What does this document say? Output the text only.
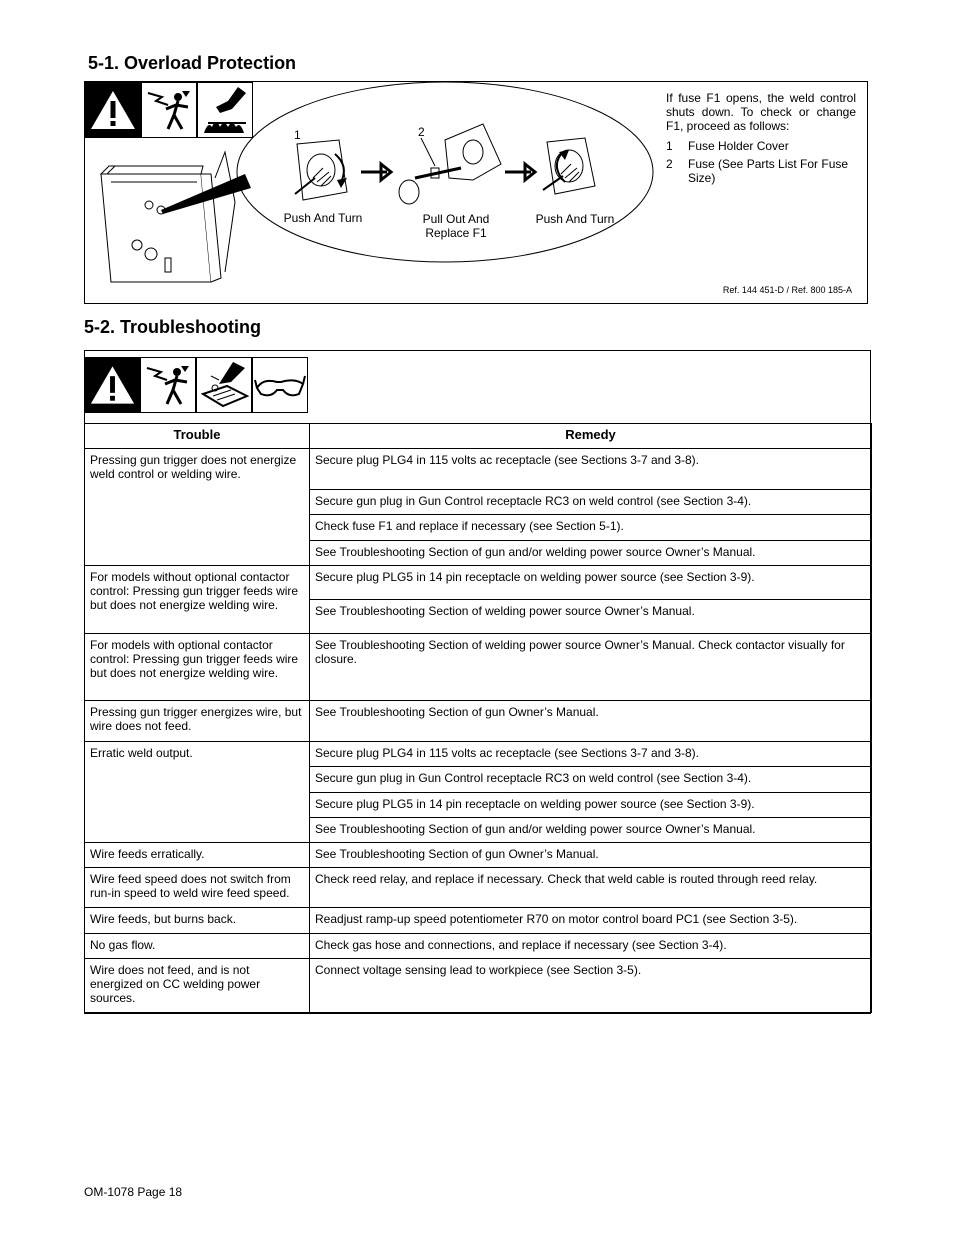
5-1. Overload Protection
1	2
Push And Turn	Pull Out And Replace F1
Push And Turn
If fuse F1 opens, the weld control shuts down. To check or change F1, proceed as follows:
1	Fuse Holder Cover
2	Fuse (See Parts List For Fuse Size)
Ref. 144 451-D / Ref. 800 185-A
5-2. Troubleshooting
Trouble	Remedy
Pressing gun trigger does not energize weld control or welding wire.	Secure plug PLG4 in 115 volts ac receptacle (see Sections 3-7 and 3-8).
	Secure gun plug in Gun Control receptacle RC3 on weld control (see Section 3-4).
	Check fuse F1 and replace if necessary (see Section 5-1).
	See Troubleshooting Section of gun and/or welding power source Owner’s Manual.
For models without optional contactor control: Pressing gun trigger feeds wire but does not energize welding wire.	Secure plug PLG5 in 14 pin receptacle on welding power source (see Section 3-9).
	See Troubleshooting Section of welding power source Owner’s Manual.
For models with optional contactor control: Pressing gun trigger feeds wire but does not energize welding wire.	See Troubleshooting Section of welding power source Owner’s Manual. Check contactor visually for closure.
Pressing gun trigger energizes wire, but wire does not feed.	See Troubleshooting Section of gun Owner’s Manual.
Erratic weld output.	Secure plug PLG4 in 115 volts ac receptacle (see Sections 3-7 and 3-8).
	Secure gun plug in Gun Control receptacle RC3 on weld control (see Section 3-4).
	Secure plug PLG5 in 14 pin receptacle on welding power source (see Section 3-9).
	See Troubleshooting Section of gun and/or welding power source Owner’s Manual.
Wire feeds erratically.	See Troubleshooting Section of gun Owner’s Manual.
Wire feed speed does not switch from run-in speed to weld wire feed speed.	Check reed relay, and replace if necessary. Check that weld cable is routed through reed relay.
Wire feeds, but burns back.	Readjust ramp-up speed potentiometer R70 on motor control board PC1 (see Section 3-5).
No gas flow.	Check gas hose and connections, and replace if necessary (see Section 3-4).
Wire does not feed, and is not energized on CC welding power sources.	Connect voltage sensing lead to workpiece (see Section 3-5).
OM-1078 Page 18
